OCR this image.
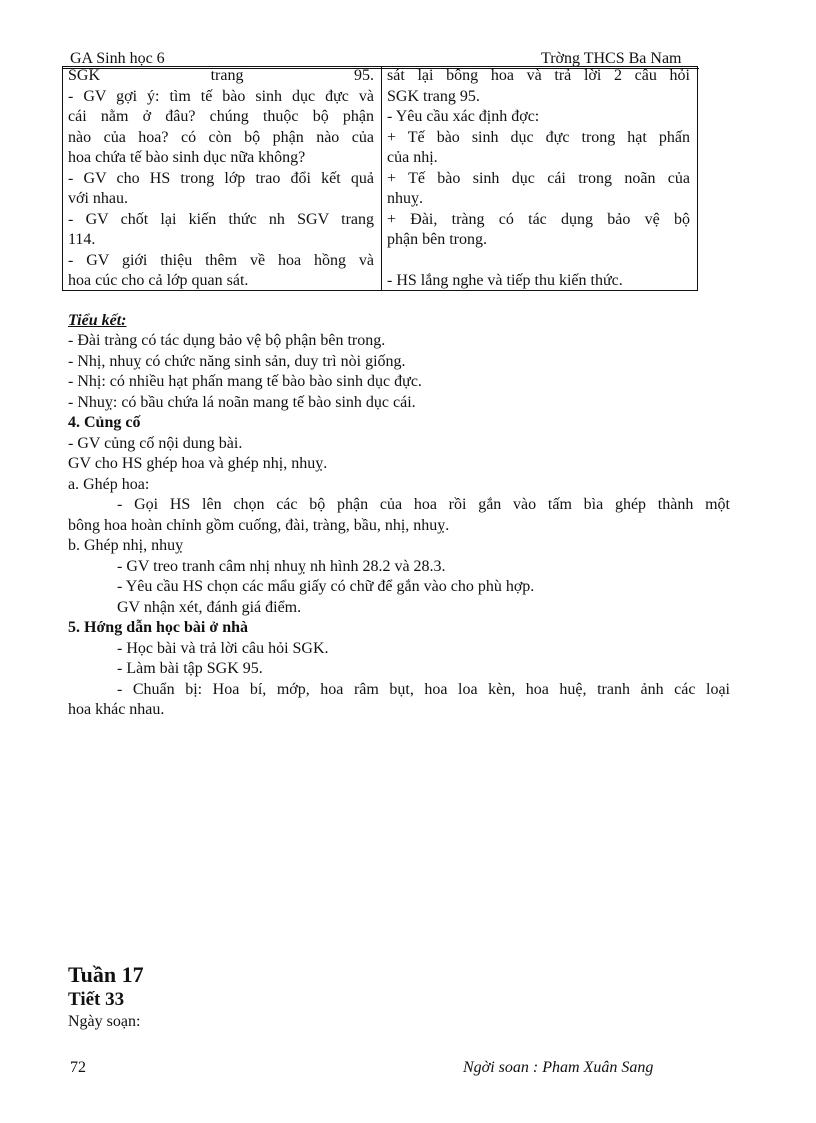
GA Sinh học 6	Trờng THCS Ba Nam
SGK trang 95.
- GV gợi ý: tìm tế bào sinh dục đực và
cái nằm ở đâu? chúng thuộc bộ phận
nào của hoa? có còn bộ phận nào của
hoa chứa tế bào sinh dục nữa không?
- GV cho HS trong lớp trao đổi kết quả
với nhau.
- GV chốt lại kiến thức nh SGV trang
114.
- GV giới thiệu thêm về hoa hồng và
hoa cúc cho cả lớp quan sát.
sát lại bông hoa và trả lời 2 câu hỏi
SGK trang 95.
- Yêu cầu xác định đợc:
+ Tế bào sinh dục đực trong hạt phấn
của nhị.
+ Tế bào sinh dục cái trong noãn của
nhuỵ.
+ Đài, tràng có tác dụng bảo vệ bộ
phận bên trong.
- HS lắng nghe và tiếp thu kiến thức.
Tiểu kết:
- Đài tràng có tác dụng bảo vệ bộ phận bên trong.
- Nhị, nhuỵ có chức năng sinh sản, duy trì nòi giống.
- Nhị: có nhiều hạt phấn mang tế bào bào sinh dục đực.
- Nhuỵ: có bầu chứa lá noãn mang tế bào sinh dục cái.
4. Củng cố
- GV củng cố nội dung bài.
GV cho HS ghép hoa và ghép nhị, nhuỵ.
a. Ghép hoa:
- Gọi HS lên chọn các bộ phận của hoa rồi gắn vào tấm bìa ghép thành một
bông hoa hoàn chỉnh gồm cuống, đài, tràng, bầu, nhị, nhuỵ.
b. Ghép nhị, nhuỵ
- GV treo tranh câm nhị nhuỵ nh hình 28.2 và 28.3.
- Yêu cầu HS chọn các mẩu giấy có chữ để gắn vào cho phù hợp.
GV nhận xét, đánh giá điểm.
5. Hớng dẫn học bài ở nhà
- Học bài và trả lời câu hỏi SGK.
- Làm bài tập SGK 95.
- Chuẩn bị: Hoa bí, mớp, hoa râm bụt, hoa loa kèn, hoa huệ, tranh ảnh các loại
hoa khác nhau.
Tuần 17
Tiết 33
Ngày soạn:
72	Ngời soan : Pham Xuân Sang
